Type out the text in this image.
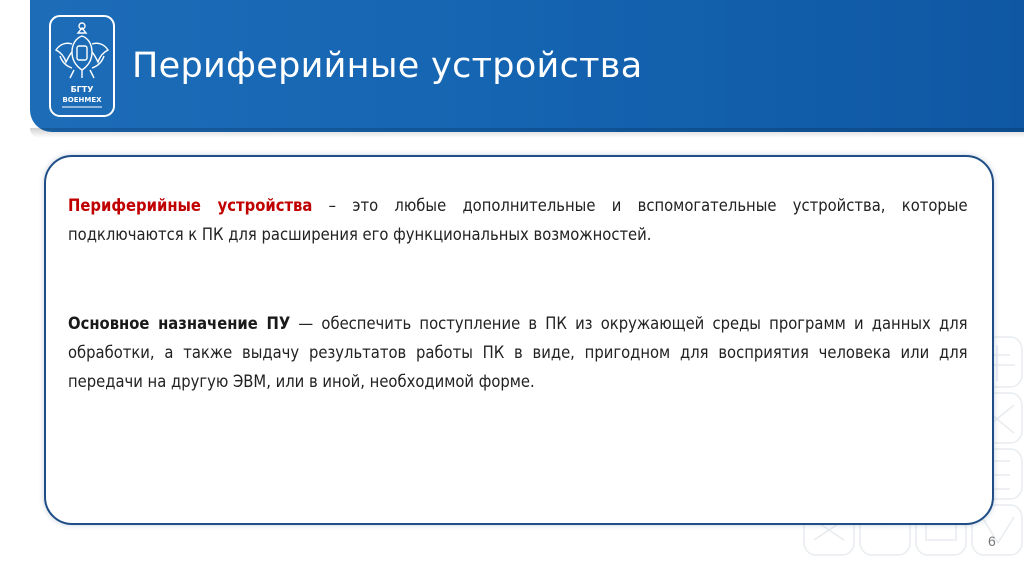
БГТУ
ВОЕНМЕХ
Периферийные устройства
Периферийные устройства – это любые дополнительные и вспомогательные устройства, которые подключаются к ПК для расширения его функциональных возможностей.
Основное назначение ПУ — обеспечить поступление в ПК из окружающей среды программ и данных для обработки, а также выдачу результатов работы ПК в виде, пригодном для восприятия человека или для передачи на другую ЭВМ, или в иной, необходимой форме.
6
